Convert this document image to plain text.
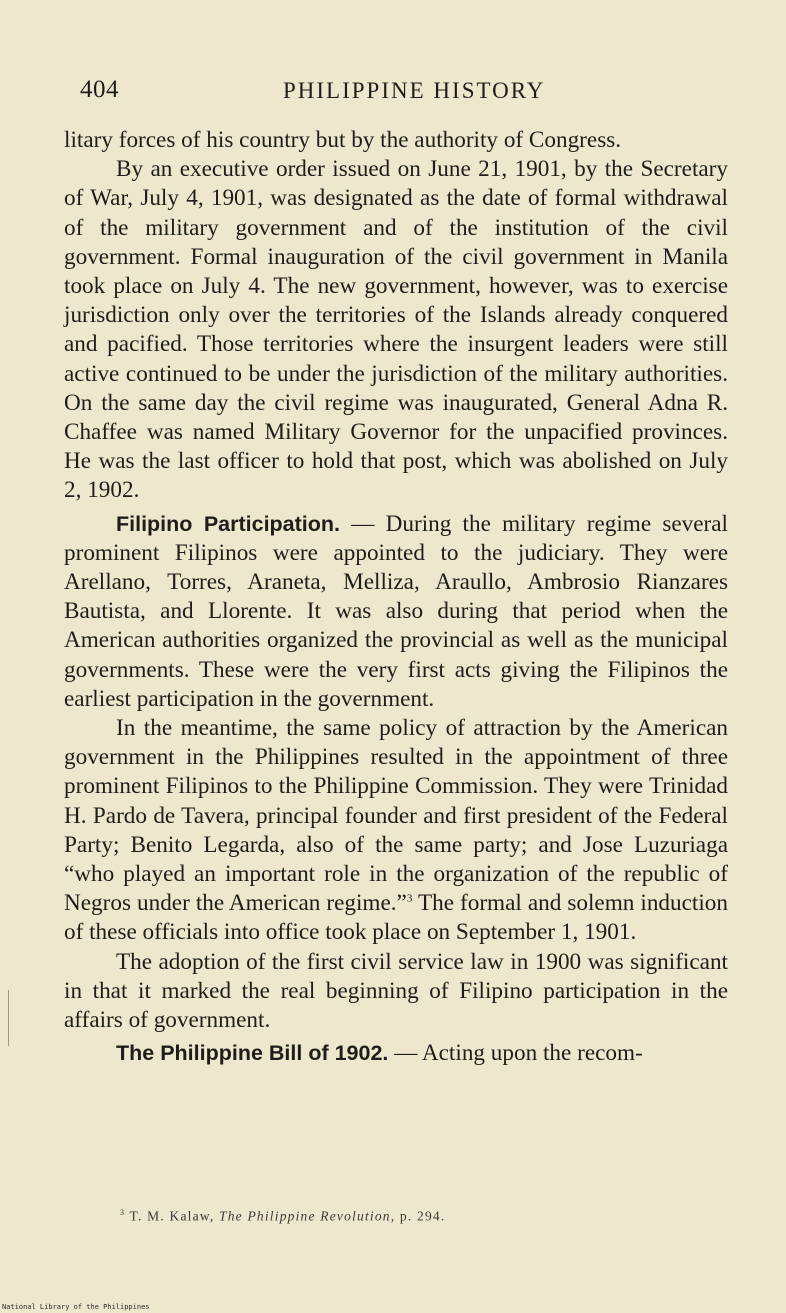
404	PHILIPPINE HISTORY

litary forces of his country but by the authority of Congress.

By an executive order issued on June 21, 1901, by the Secretary of War, July 4, 1901, was designated as the date of formal withdrawal of the military government and of the institution of the civil government. Formal inauguration of the civil government in Manila took place on July 4. The new government, however, was to exercise jurisdiction only over the territories of the Islands already conquered and pacified. Those territories where the insurgent leaders were still active continued to be under the jurisdiction of the military authorities. On the same day the civil regime was inaugurated, General Adna R. Chaffee was named Military Governor for the unpacified provinces. He was the last officer to hold that post, which was abolished on July 2, 1902.

Filipino Participation. — During the military regime several prominent Filipinos were appointed to the judiciary. They were Arellano, Torres, Araneta, Melliza, Araullo, Ambrosio Rianzares Bautista, and Llorente. It was also during that period when the American authorities organized the provincial as well as the municipal governments. These were the very first acts giving the Filipinos the earliest participation in the government.

In the meantime, the same policy of attraction by the American government in the Philippines resulted in the appointment of three prominent Filipinos to the Philippine Commission. They were Trinidad H. Pardo de Tavera, principal founder and first president of the Federal Party; Benito Legarda, also of the same party; and Jose Luzuriaga “who played an important role in the organization of the republic of Negros under the American regime.”$^3$ The formal and solemn induction of these officials into office took place on September 1, 1901.

The adoption of the first civil service law in 1900 was significant in that it marked the real beginning of Filipino participation in the affairs of government.

The Philippine Bill of 1902. — Acting upon the recom-

$^3$ T. M. Kalaw, The Philippine Revolution, p. 294.
National Library of the Philippines
